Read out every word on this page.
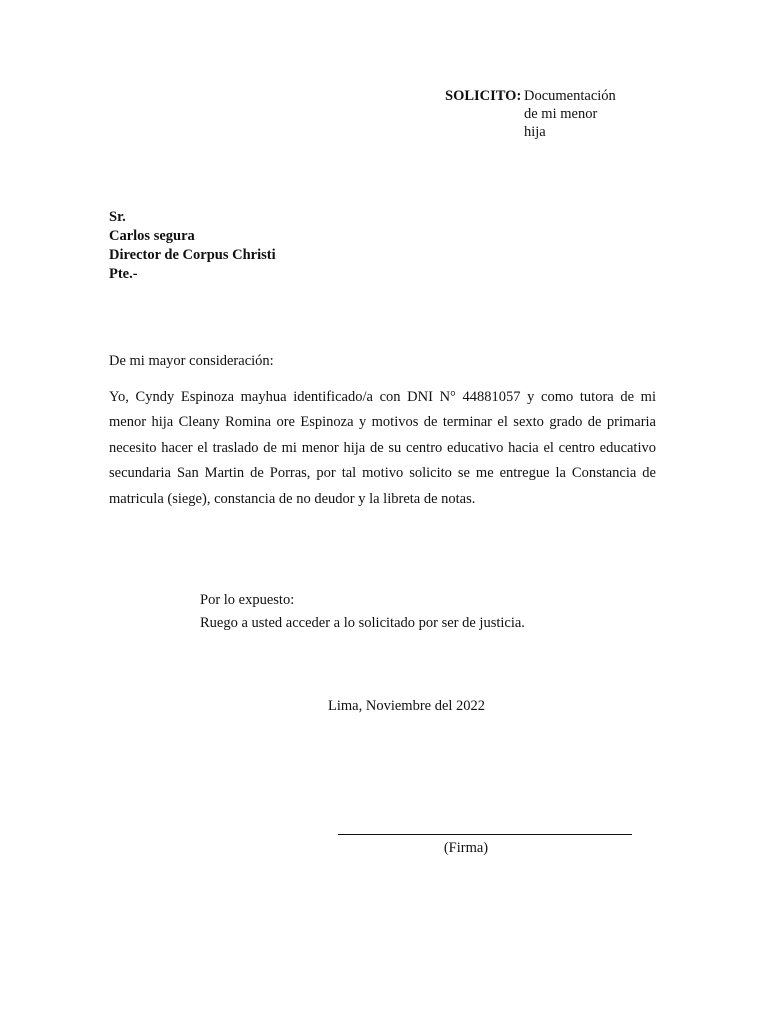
SOLICITO: Documentación
de mi menor
hija
Sr.
Carlos segura
Director de Corpus Christi
Pte.-
De mi mayor consideración:

Yo, Cyndy Espinoza mayhua identificado/a con DNI N° 44881057 y como tutora de mi menor hija Cleany Romina ore Espinoza y motivos de terminar el sexto grado de primaria necesito hacer el traslado de mi menor hija de su centro educativo hacia el centro educativo secundaria San Martin de Porras, por tal motivo solicito se me entregue la Constancia de matricula (siege), constancia de no deudor y la libreta de notas.

Por lo expuesto:
Ruego a usted acceder a lo solicitado por ser de justicia.
Lima, Noviembre del 2022
(Firma)
